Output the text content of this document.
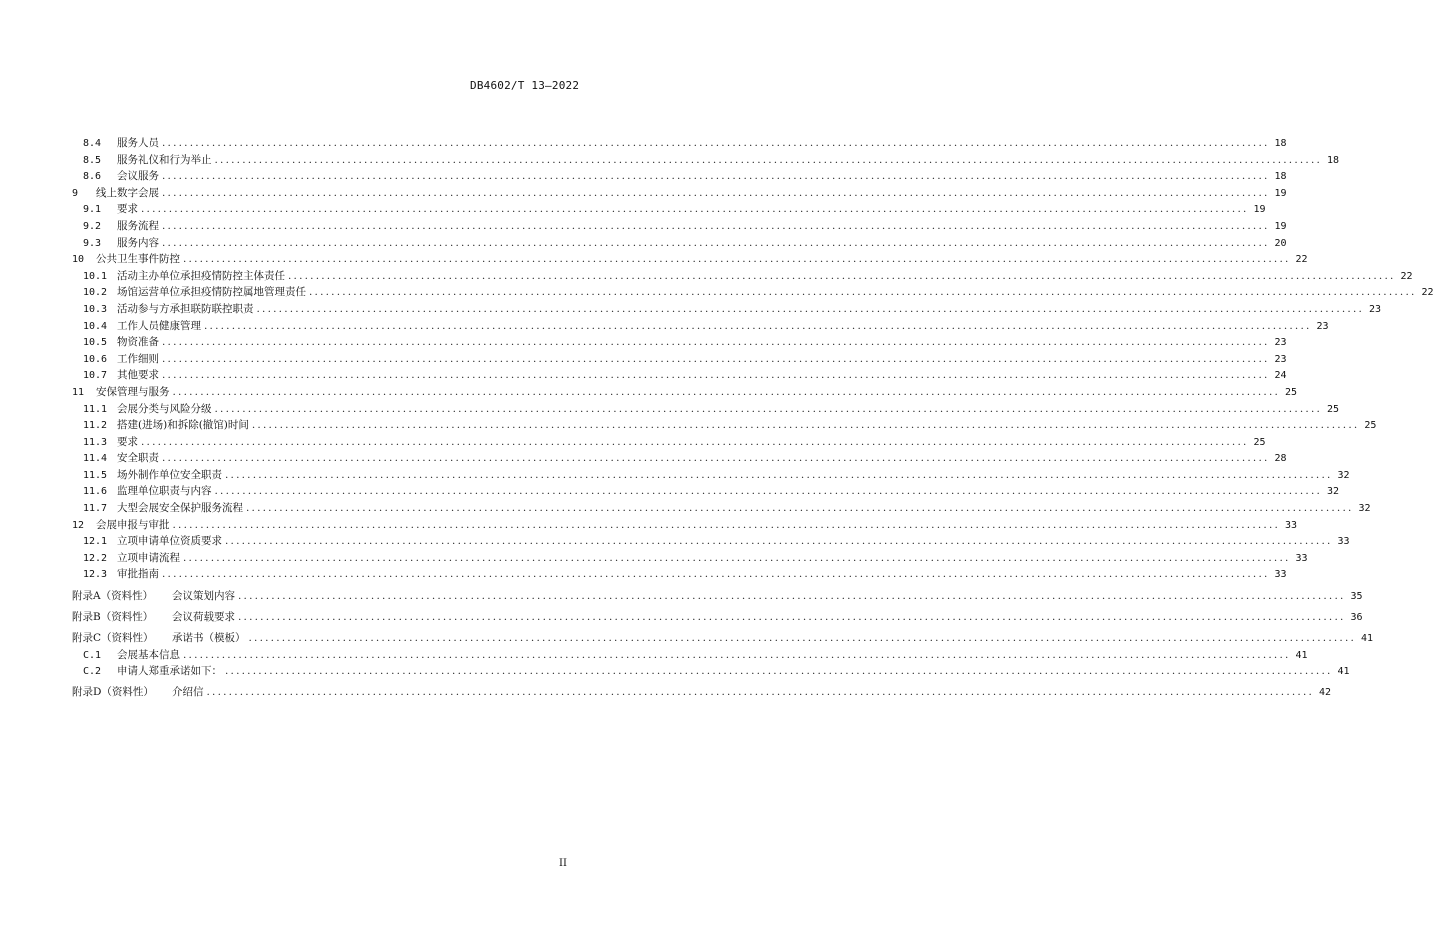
DB4602/T 13—2022
8.4	服务人员 ........................................................................................................................................................................................................ 18
8.5	服务礼仪和行为举止 ........................................................................................................................................................................................................ 18
8.6	会议服务 ........................................................................................................................................................................................................ 18
9	线上数字会展 ........................................................................................................................................................................................................ 19
9.1	要求 ........................................................................................................................................................................................................ 19
9.2	服务流程 ........................................................................................................................................................................................................ 19
9.3	服务内容 ........................................................................................................................................................................................................ 20
10	公共卫生事件防控 ........................................................................................................................................................................................................ 22
10.1 活动主办单位承担疫情防控主体责任 ........................................................................................................................................................................................................ 22
10.2 场馆运营单位承担疫情防控属地管理责任 ........................................................................................................................................................................................................ 22
10.3 活动参与方承担联防联控职责 ........................................................................................................................................................................................................ 23
10.4 工作人员健康管理 ........................................................................................................................................................................................................ 23
10.5 物资准备 ........................................................................................................................................................................................................ 23
10.6 工作细则 ........................................................................................................................................................................................................ 23
10.7 其他要求 ........................................................................................................................................................................................................ 24
11	安保管理与服务 ........................................................................................................................................................................................................ 25
11.1 会展分类与风险分级 ........................................................................................................................................................................................................ 25
11.2 搭建(进场)和拆除(撤馆)时间 ........................................................................................................................................................................................................ 25
11.3 要求 ........................................................................................................................................................................................................ 25
11.4 安全职责 ........................................................................................................................................................................................................ 28
11.5 场外制作单位安全职责 ........................................................................................................................................................................................................ 32
11.6 监理单位职责与内容 ........................................................................................................................................................................................................ 32
11.7 大型会展安全保护服务流程 ........................................................................................................................................................................................................ 32
12	会展申报与审批 ........................................................................................................................................................................................................ 33
12.1 立项申请单位资质要求 ........................................................................................................................................................................................................ 33
12.2 立项申请流程 ........................................................................................................................................................................................................ 33
12.3 审批指南 ........................................................................................................................................................................................................ 33
附录A（资料性）	会议策划内容 ........................................................................................................................................................................................................ 35
附录B（资料性）	会议荷载要求 ........................................................................................................................................................................................................ 36
附录C（资料性）	承诺书（模板） ........................................................................................................................................................................................................ 41
C.1	会展基本信息 ........................................................................................................................................................................................................ 41
C.2	申请人郑重承诺如下： ........................................................................................................................................................................................................ 41
附录D（资料性）	介绍信 ........................................................................................................................................................................................................ 42
II
